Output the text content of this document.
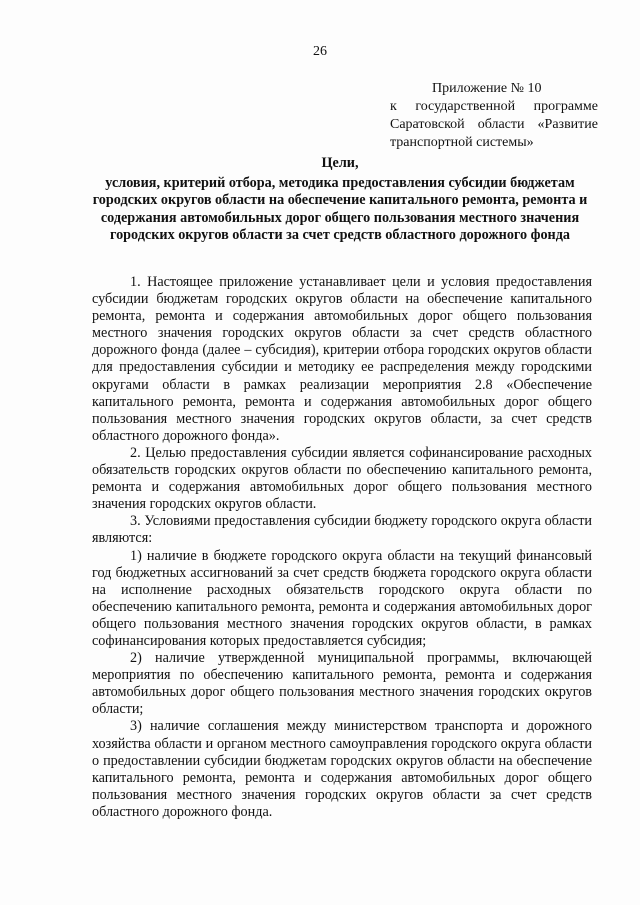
26
Приложение № 10
к государственной программе
Саратовской области «Развитие
транспортной системы»
Цели,
условия, критерий отбора, методика предоставления субсидии бюджетам городских округов области на обеспечение капитального ремонта, ремонта и содержания автомобильных дорог общего пользования местного значения городских округов области за счет средств областного дорожного фонда

1. Настоящее приложение устанавливает цели и условия предоставления субсидии бюджетам городских округов области на обеспечение капитального ремонта, ремонта и содержания автомобильных дорог общего пользования местного значения городских округов области за счет средств областного дорожного фонда (далее – субсидия), критерии отбора городских округов области для предоставления субсидии и методику ее распределения между городскими округами области в рамках реализации мероприятия 2.8 «Обеспечение капитального ремонта, ремонта и содержания автомобильных дорог общего пользования местного значения городских округов области, за счет средств областного дорожного фонда».

2. Целью предоставления субсидии является софинансирование расходных обязательств городских округов области по обеспечению капитального ремонта, ремонта и содержания автомобильных дорог общего пользования местного значения городских округов области.

3. Условиями предоставления субсидии бюджету городского округа области являются:

1) наличие в бюджете городского округа области на текущий финансовый год бюджетных ассигнований за счет средств бюджета городского округа области на исполнение расходных обязательств городского округа области по обеспечению капитального ремонта, ремонта и содержания автомобильных дорог общего пользования местного значения городских округов области, в рамках софинансирования которых предоставляется субсидия;

2) наличие утвержденной муниципальной программы, включающей мероприятия по обеспечению капитального ремонта, ремонта и содержания автомобильных дорог общего пользования местного значения городских округов области;

3) наличие соглашения между министерством транспорта и дорожного хозяйства области и органом местного самоуправления городского округа области о предоставлении субсидии бюджетам городских округов области на обеспечение капитального ремонта, ремонта и содержания автомобильных дорог общего пользования местного значения городских округов области за счет средств областного дорожного фонда.
